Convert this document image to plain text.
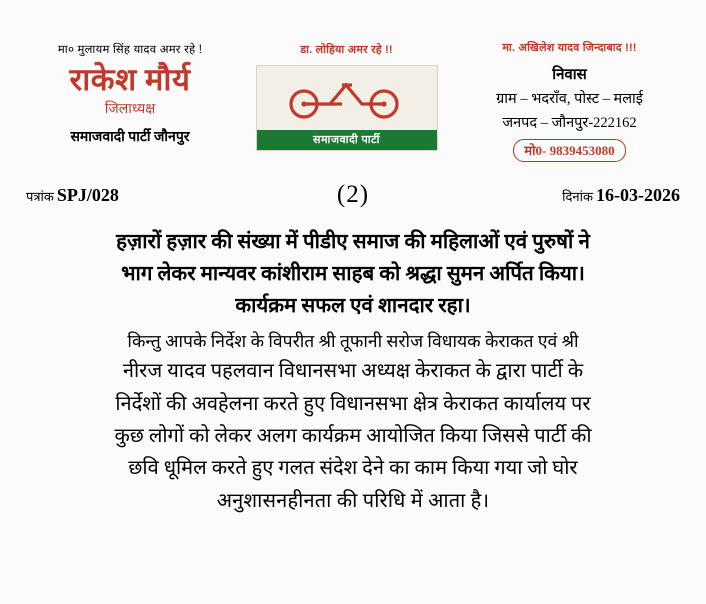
मा० मुलायम सिंह यादव अमर रहे !
राकेश मौर्य
जिलाध्यक्ष
समाजवादी पार्टी जौनपुर
डा. लोहिया अमर रहे !!
समाजवादी पार्टी
मा. अखिलेश यादव जिन्दाबाद !!!
निवास
ग्राम – भदराँव, पोस्ट – मलाई
जनपद – जौनपुर-222162
मो0- 9839453080
पत्रांक SPJ/028	(2)	दिनांक 16-03-2026
हज़ारों हज़ार की संख्या में पीडीए समाज की महिलाओं एवं पुरुषों ने
भाग लेकर मान्यवर कांशीराम साहब को श्रद्धा सुमन अर्पित किया।
कार्यक्रम सफल एवं शानदार रहा।
किन्तु आपके निर्देश के विपरीत श्री तूफानी सरोज विधायक केराकत एवं श्री
नीरज यादव पहलवान विधानसभा अध्यक्ष केराकत के द्वारा पार्टी के
निर्देशों की अवहेलना करते हुए विधानसभा क्षेत्र केराकत कार्यालय पर
कुछ लोगों को लेकर अलग कार्यक्रम आयोजित किया जिससे पार्टी की
छवि धूमिल करते हुए गलत संदेश देने का काम किया गया जो घोर
अनुशासनहीनता की परिधि में आता है।
